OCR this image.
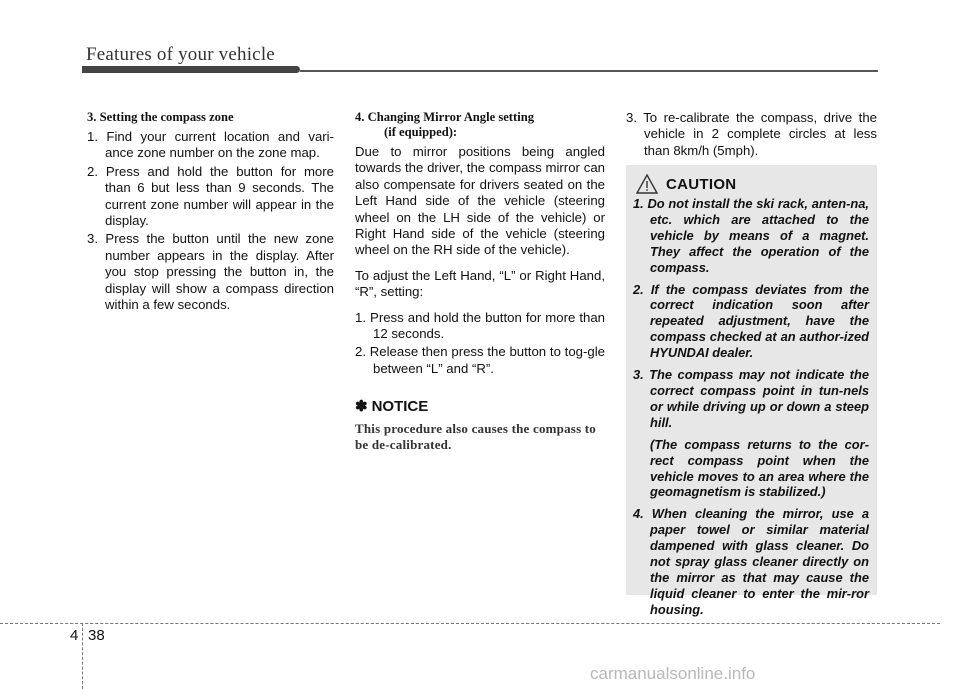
Features of your vehicle
3. Setting the compass zone
1. Find your current location and vari-ance zone number on the zone map.
2. Press and hold the button for more than 6 but less than 9 seconds. The current zone number will appear in the display.
3. Press the button until the new zone number appears in the display. After you stop pressing the button in, the display will show a compass direction within a few seconds.
4. Changing Mirror Angle setting
(if equipped):
Due to mirror positions being angled towards the driver, the compass mirror can also compensate for drivers seated on the Left Hand side of the vehicle (steering wheel on the LH side of the vehicle) or Right Hand side of the vehicle (steering wheel on the RH side of the vehicle).
To adjust the Left Hand, “L” or Right Hand, “R”, setting:
1. Press and hold the button for more than 12 seconds.
2. Release then press the button to tog-gle between “L” and “R”.
✽ NOTICE
This procedure also causes the compass to be de-calibrated.
3. To re-calibrate the compass, drive the vehicle in 2 complete circles at less than 8km/h (5mph).
CAUTION
1. Do not install the ski rack, anten-na, etc. which are attached to the vehicle by means of a magnet. They affect the operation of the compass.
2. If the compass deviates from the correct indication soon after repeated adjustment, have the compass checked at an author-ized HYUNDAI dealer.
3. The compass may not indicate the correct compass point in tun-nels or while driving up or down a steep hill.
(The compass returns to the cor-rect compass point when the vehicle moves to an area where the geomagnetism is stabilized.)
4. When cleaning the mirror, use a paper towel or similar material dampened with glass cleaner. Do not spray glass cleaner directly on the mirror as that may cause the liquid cleaner to enter the mir-ror housing.
4 38
carmanualsonline.info
